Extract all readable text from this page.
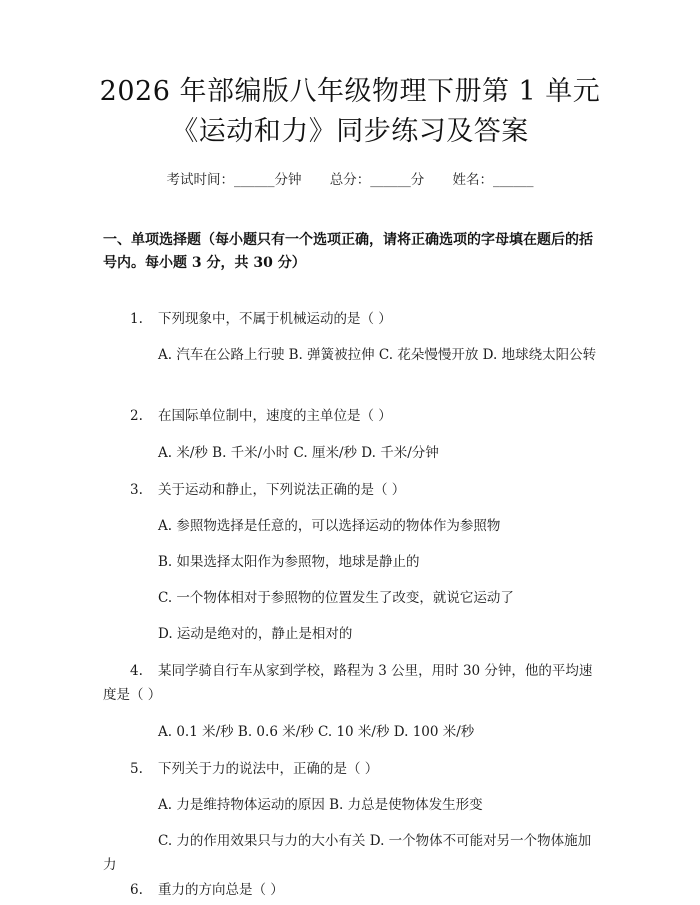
2026 年部编版八年级物理下册第 1 单元《运动和力》同步练习及答案
考试时间：______分钟 总分：______分 姓名：______
一、单项选择题（每小题只有一个选项正确，请将正确选项的字母填在题后的括号内。每小题 3 分，共 30 分）
1. 下列现象中，不属于机械运动的是（ ）
A. 汽车在公路上行驶 B. 弹簧被拉伸 C. 花朵慢慢开放 D. 地球绕太阳公转
2. 在国际单位制中，速度的主单位是（ ）
A. 米/秒 B. 千米/小时 C. 厘米/秒 D. 千米/分钟
3. 关于运动和静止，下列说法正确的是（ ）
A. 参照物选择是任意的，可以选择运动的物体作为参照物
B. 如果选择太阳作为参照物，地球是静止的
C. 一个物体相对于参照物的位置发生了改变，就说它运动了
D. 运动是绝对的，静止是相对的
4. 某同学骑自行车从家到学校，路程为 3 公里，用时 30 分钟，他的平均速度是（ ）
A. 0.1 米/秒 B. 0.6 米/秒 C. 10 米/秒 D. 100 米/秒
5. 下列关于力的说法中，正确的是（ ）
A. 力是维持物体运动的原因 B. 力总是使物体发生形变
C. 力的作用效果只与力的大小有关 D. 一个物体不可能对另一个物体施加力
6. 重力的方向总是（ ）
